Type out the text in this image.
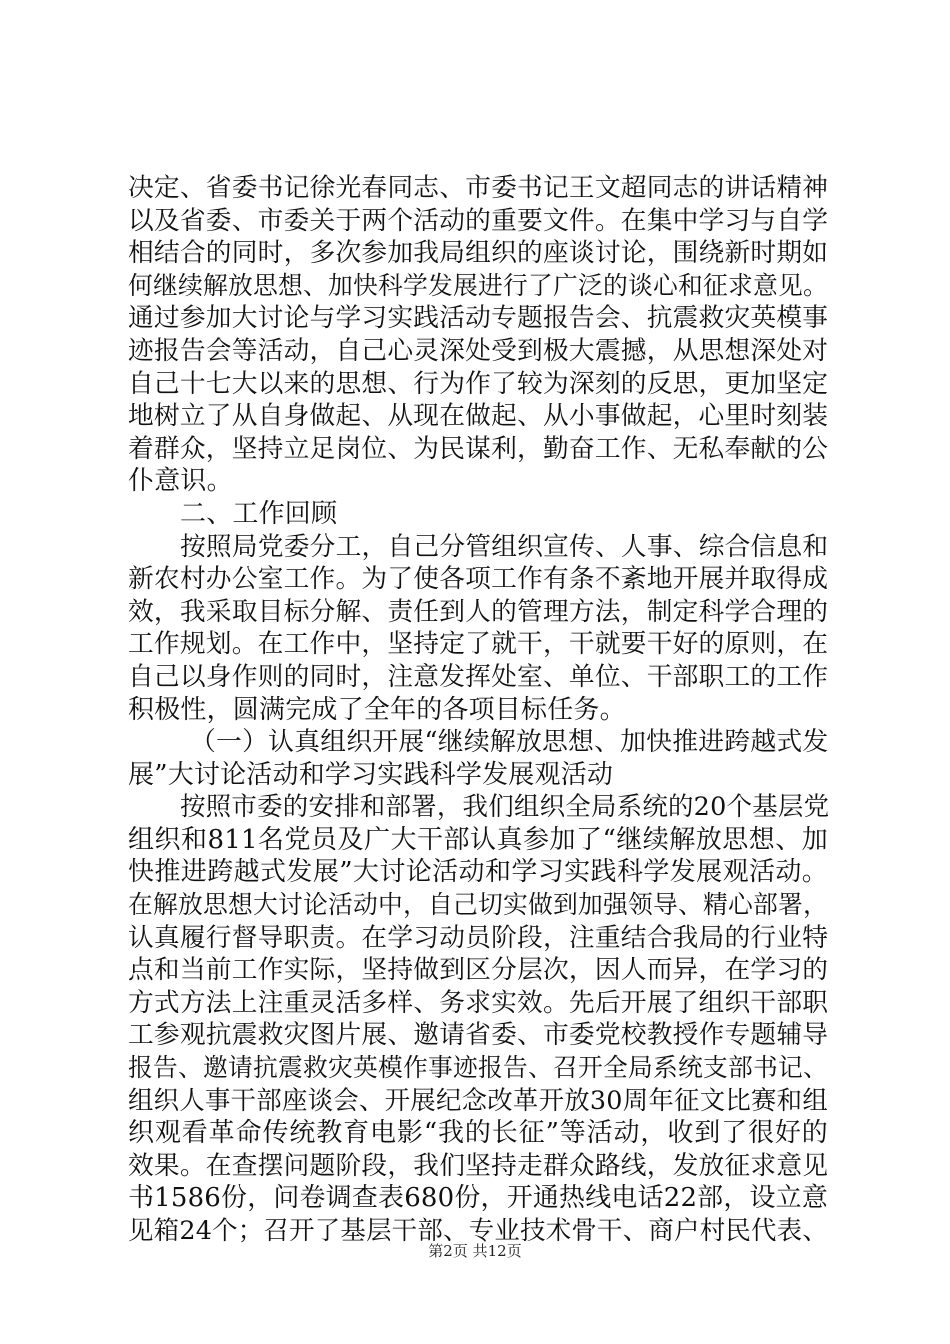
决定、省委书记徐光春同志、市委书记王文超同志的讲话精神
以及省委、市委关于两个活动的重要文件。在集中学习与自学
相结合的同时，多次参加我局组织的座谈讨论，围绕新时期如
何继续解放思想、加快科学发展进行了广泛的谈心和征求意见。
通过参加大讨论与学习实践活动专题报告会、抗震救灾英模事
迹报告会等活动，自己心灵深处受到极大震撼，从思想深处对
自己十七大以来的思想、行为作了较为深刻的反思，更加坚定
地树立了从自身做起、从现在做起、从小事做起，心里时刻装
着群众，坚持立足岗位、为民谋利，勤奋工作、无私奉献的公
仆意识。
二、工作回顾
按照局党委分工，自己分管组织宣传、人事、综合信息和
新农村办公室工作。为了使各项工作有条不紊地开展并取得成
效，我采取目标分解、责任到人的管理方法，制定科学合理的
工作规划。在工作中，坚持定了就干，干就要干好的原则，在
自己以身作则的同时，注意发挥处室、单位、干部职工的工作
积极性，圆满完成了全年的各项目标任务。
（一）认真组织开展“继续解放思想、加快推进跨越式发
展”大讨论活动和学习实践科学发展观活动
按照市委的安排和部署，我们组织全局系统的20个基层党
组织和811名党员及广大干部认真参加了“继续解放思想、加
快推进跨越式发展”大讨论活动和学习实践科学发展观活动。
在解放思想大讨论活动中，自己切实做到加强领导、精心部署，
认真履行督导职责。在学习动员阶段，注重结合我局的行业特
点和当前工作实际，坚持做到区分层次，因人而异，在学习的
方式方法上注重灵活多样、务求实效。先后开展了组织干部职
工参观抗震救灾图片展、邀请省委、市委党校教授作专题辅导
报告、邀请抗震救灾英模作事迹报告、召开全局系统支部书记、
组织人事干部座谈会、开展纪念改革开放30周年征文比赛和组
织观看革命传统教育电影“我的长征”等活动，收到了很好的
效果。在查摆问题阶段，我们坚持走群众路线，发放征求意见
书1586份，问卷调查表680份，开通热线电话22部，设立意
见箱24个；召开了基层干部、专业技术骨干、商户村民代表、
第2页 共12页
